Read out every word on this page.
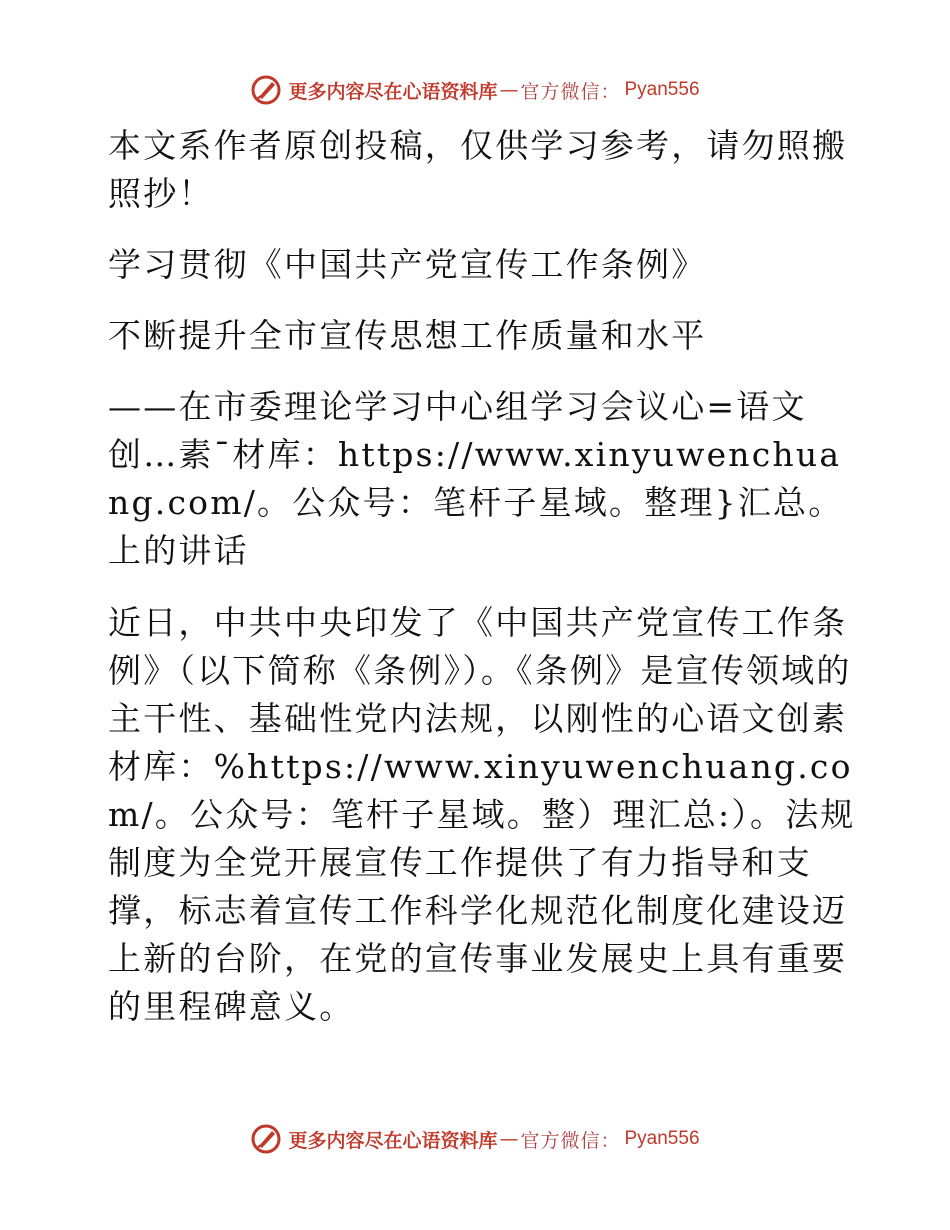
更多内容尽在心语资料库 — 官方微信： Pyan556

本文系作者原创投稿，仅供学习参考，请勿照搬照抄！

学习贯彻《中国共产党宣传工作条例》

不断提升全市宣传思想工作质量和水平

——在市委理论学习中心组学习会议心=语文创…素¯材库：https://www.xinyuwenchuang.com/。公众号：笔杆子星域。整理}汇总。上的讲话

近日，中共中央印发了《中国共产党宣传工作条例》（以下简称《条例》）。《条例》是宣传领域的主干性、基础性党内法规，以刚性的心语文创素材库：%https://www.xinyuwenchuang.com/。公众号：笔杆子星域。整）理汇总:）。法规制度为全党开展宣传工作提供了有力指导和支撑，标志着宣传工作科学化规范化制度化建设迈上新的台阶，在党的宣传事业发展史上具有重要的里程碑意义。

更多内容尽在心语资料库 — 官方微信： Pyan556
